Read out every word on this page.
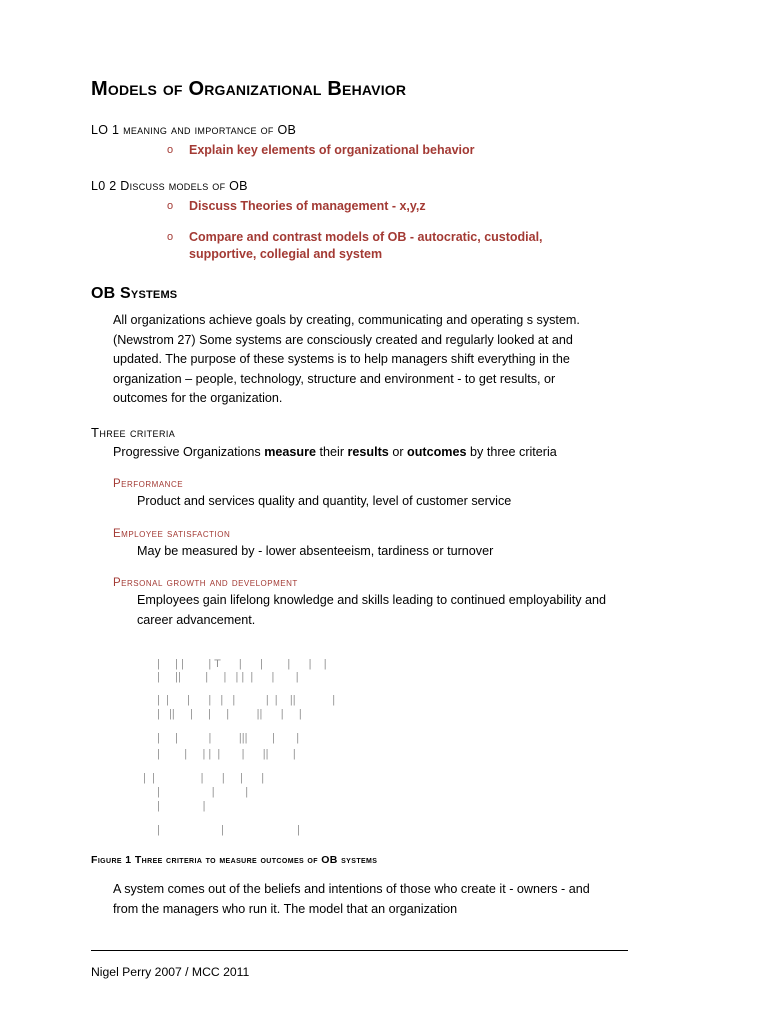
Models of Organizational Behavior
LO 1 meaning and importance of OB
o	Explain key elements of organizational behavior
L0 2 Discuss models of OB
o	Discuss Theories of management - x,y,z
o	Compare and contrast models of OB - autocratic, custodial, supportive, collegial and system
OB Systems

All organizations achieve goals by creating, communicating and operating s system. (Newstrom 27) Some systems are consciously created and regularly looked at and updated. The purpose of these systems is to help managers shift everything in the organization – people, technology, structure and environment - to get results, or outcomes for the organization.

Three criteria

Progressive Organizations measure their results or outcomes by three criteria

Performance

Product and services quality and quantity, level of customer service

Employee satisfaction

May be measured by - lower absenteeism, tardiness or turnover

Personal growth and development

Employees gain lifelong knowledge and skills leading to continued employability and career advancement.

|     | |        | T      |      |        |      |    |
|     ||        |     |   | |  |      |       |
|  |      |      |   |   |          |  |    ||            |
|   ||     |     |     |         ||      |     |
|     |          |         |||        |       |
|        |     | |  |       |      ||        |
|  |               |      |     |      |
|                 |          |
|              |
|                    |                        |
Figure 1 Three criteria to measure outcomes of OB systems

A system comes out of the beliefs and intentions of those who create it - owners - and from the managers who run it. The model that an organization

Nigel Perry 2007 / MCC 2011
